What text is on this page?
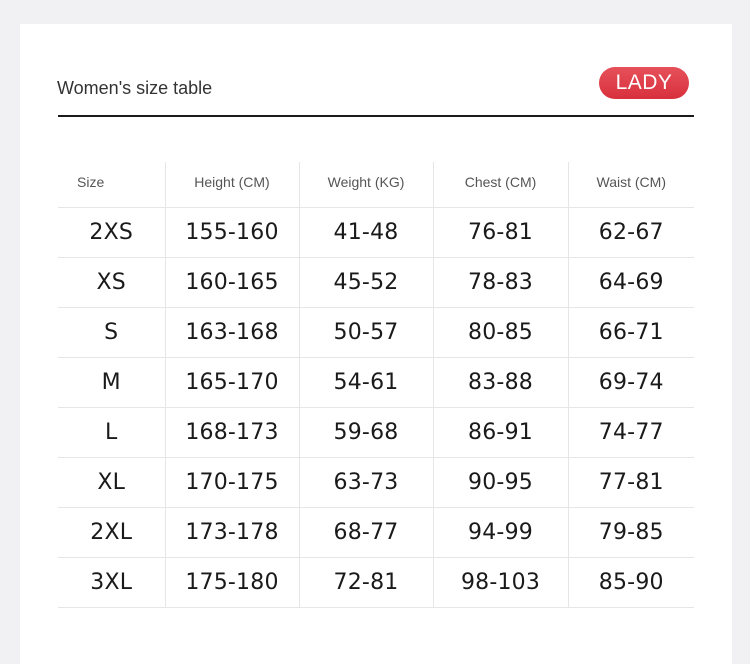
Women's size table	LADY
Size	Height (CM)	Weight (KG)	Chest (CM)	Waist (CM)
2XS	155-160	41-48	76-81	62-67
XS	160-165	45-52	78-83	64-69
S	163-168	50-57	80-85	66-71
M	165-170	54-61	83-88	69-74
L	168-173	59-68	86-91	74-77
XL	170-175	63-73	90-95	77-81
2XL	173-178	68-77	94-99	79-85
3XL	175-180	72-81	98-103	85-90
